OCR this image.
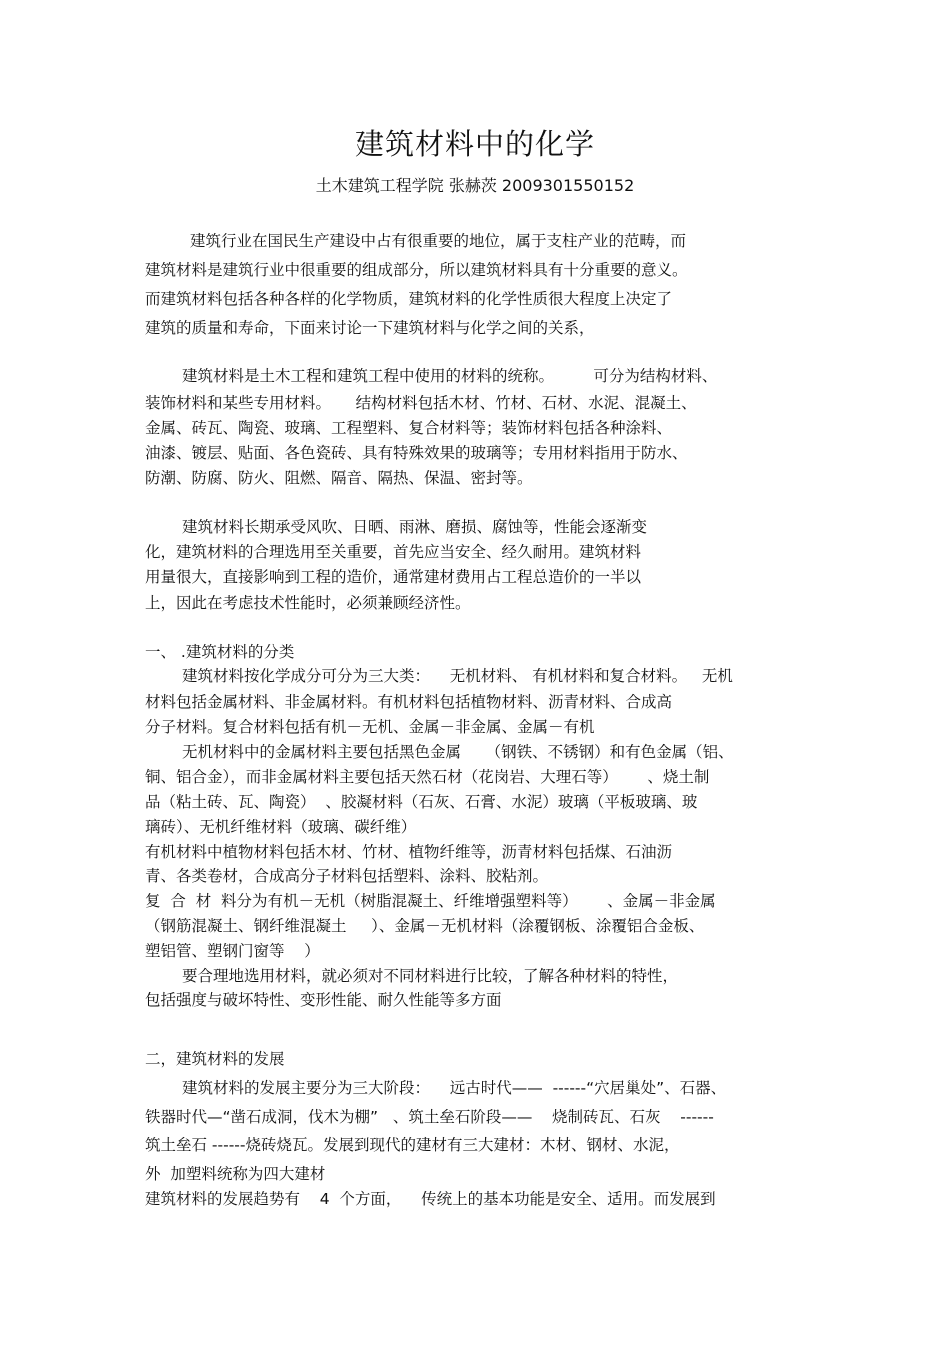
建筑材料中的化学
土木建筑工程学院 张赫茨 2009301550152
建筑行业在国民生产建设中占有很重要的地位，属于支柱产业的范畴，而
建筑材料是建筑行业中很重要的组成部分，所以建筑材料具有十分重要的意义。
而建筑材料包括各种各样的化学物质，建筑材料的化学性质很大程度上决定了
建筑的质量和寿命，下面来讨论一下建筑材料与化学之间的关系，
建筑材料是土木工程和建筑工程中使用的材料的统称。        可分为结构材料、
装饰材料和某些专用材料。     结构材料包括木材、竹材、石材、水泥、混凝土、
金属、砖瓦、陶瓷、玻璃、工程塑料、复合材料等；装饰材料包括各种涂料、
油漆、镀层、贴面、各色瓷砖、具有特殊效果的玻璃等；专用材料指用于防水、
防潮、防腐、防火、阻燃、隔音、隔热、保温、密封等。
建筑材料长期承受风吹、日晒、雨淋、磨损、腐蚀等，性能会逐渐变
化，建筑材料的合理选用至关重要，首先应当安全、经久耐用。建筑材料
用量很大，直接影响到工程的造价，通常建材费用占工程总造价的一半以
上，因此在考虑技术性能时，必须兼顾经济性。
一、 .建筑材料的分类
建筑材料按化学成分可分为三大类：    无机材料、 有机材料和复合材料。   无机
材料包括金属材料、非金属材料。有机材料包括植物材料、沥青材料、合成高
分子材料。复合材料包括有机－无机、金属－非金属、金属－有机
无机材料中的金属材料主要包括黑色金属     （钢铁、不锈钢）和有色金属（铝、
铜、铝合金），而非金属材料主要包括天然石材（花岗岩、大理石等）      、烧土制
品（粘土砖、瓦、陶瓷）  、胶凝材料（石灰、石膏、水泥）玻璃（平板玻璃、玻
璃砖）、无机纤维材料（玻璃、碳纤维）
有机材料中植物材料包括木材、竹材、植物纤维等，沥青材料包括煤、石油沥
青、各类卷材，合成高分子材料包括塑料、涂料、胶粘剂。
复  合  材  料分为有机－无机（树脂混凝土、纤维增强塑料等）      、金属－非金属
（钢筋混凝土、钢纤维混凝土     ）、金属－无机材料（涂覆钢板、涂覆铝合金板、
塑铝管、塑钢门窗等    ）
要合理地选用材料，就必须对不同材料进行比较，了解各种材料的特性，
包括强度与破坏特性、变形性能、耐久性能等多方面
二，建筑材料的发展
建筑材料的发展主要分为三大阶段：    远古时代——  ------“穴居巢处”、石器、
铁器时代—“凿石成洞，伐木为棚”   、筑土垒石阶段——    烧制砖瓦、石灰    ------
筑土垒石 ------烧砖烧瓦。发展到现代的建材有三大建材：木材、钢材、水泥，
外  加塑料统称为四大建材
建筑材料的发展趋势有    4  个方面，    传统上的基本功能是安全、适用。而发展到
